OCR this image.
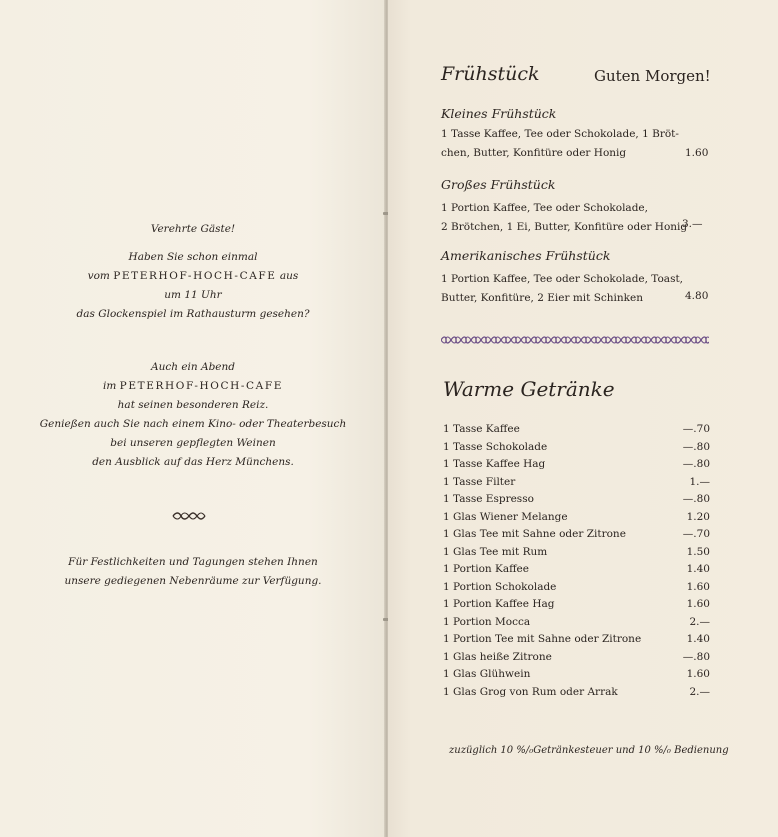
Verehrte Gäste!
Haben Sie schon einmal
vom PETERHOF-HOCH-CAFE aus
um 11 Uhr
das Glockenspiel im Rathausturm gesehen?
Auch ein Abend
im PETERHOF-HOCH-CAFE
hat seinen besonderen Reiz.
Genießen auch Sie nach einem Kino- oder Theaterbesuch
bei unseren gepflegten Weinen
den Ausblick auf das Herz Münchens.
Für Festlichkeiten und Tagungen stehen Ihnen
unsere gediegenen Nebenräume zur Verfügung.
Frühstück	Guten Morgen!
Kleines Frühstück
1 Tasse Kaffee, Tee oder Schokolade, 1 Bröt-
chen, Butter, Konfitüre oder Honig	1.60
Großes Frühstück
1 Portion Kaffee, Tee oder Schokolade,
2 Brötchen, 1 Ei, Butter, Konfitüre oder Honig
3.—
Amerikanisches Frühstück
1 Portion Kaffee, Tee oder Schokolade, Toast,
Butter, Konfitüre, 2 Eier mit Schinken	4.80
Warme Getränke
1 Tasse Kaffee	—.70
1 Tasse Schokolade	—.80
1 Tasse Kaffee Hag	—.80
1 Tasse Filter	1.—
1 Tasse Espresso	—.80
1 Glas Wiener Melange	1.20
1 Glas Tee mit Sahne oder Zitrone	—.70
1 Glas Tee mit Rum	1.50
1 Portion Kaffee	1.40
1 Portion Schokolade	1.60
1 Portion Kaffee Hag	1.60
1 Portion Mocca	2.—
1 Portion Tee mit Sahne oder Zitrone	1.40
1 Glas heiße Zitrone	—.80
1 Glas Glühwein	1.60
1 Glas Grog von Rum oder Arrak	2.—
zuzüglich 10 %/₀Getränkesteuer und 10 %/₀ Bedienung
